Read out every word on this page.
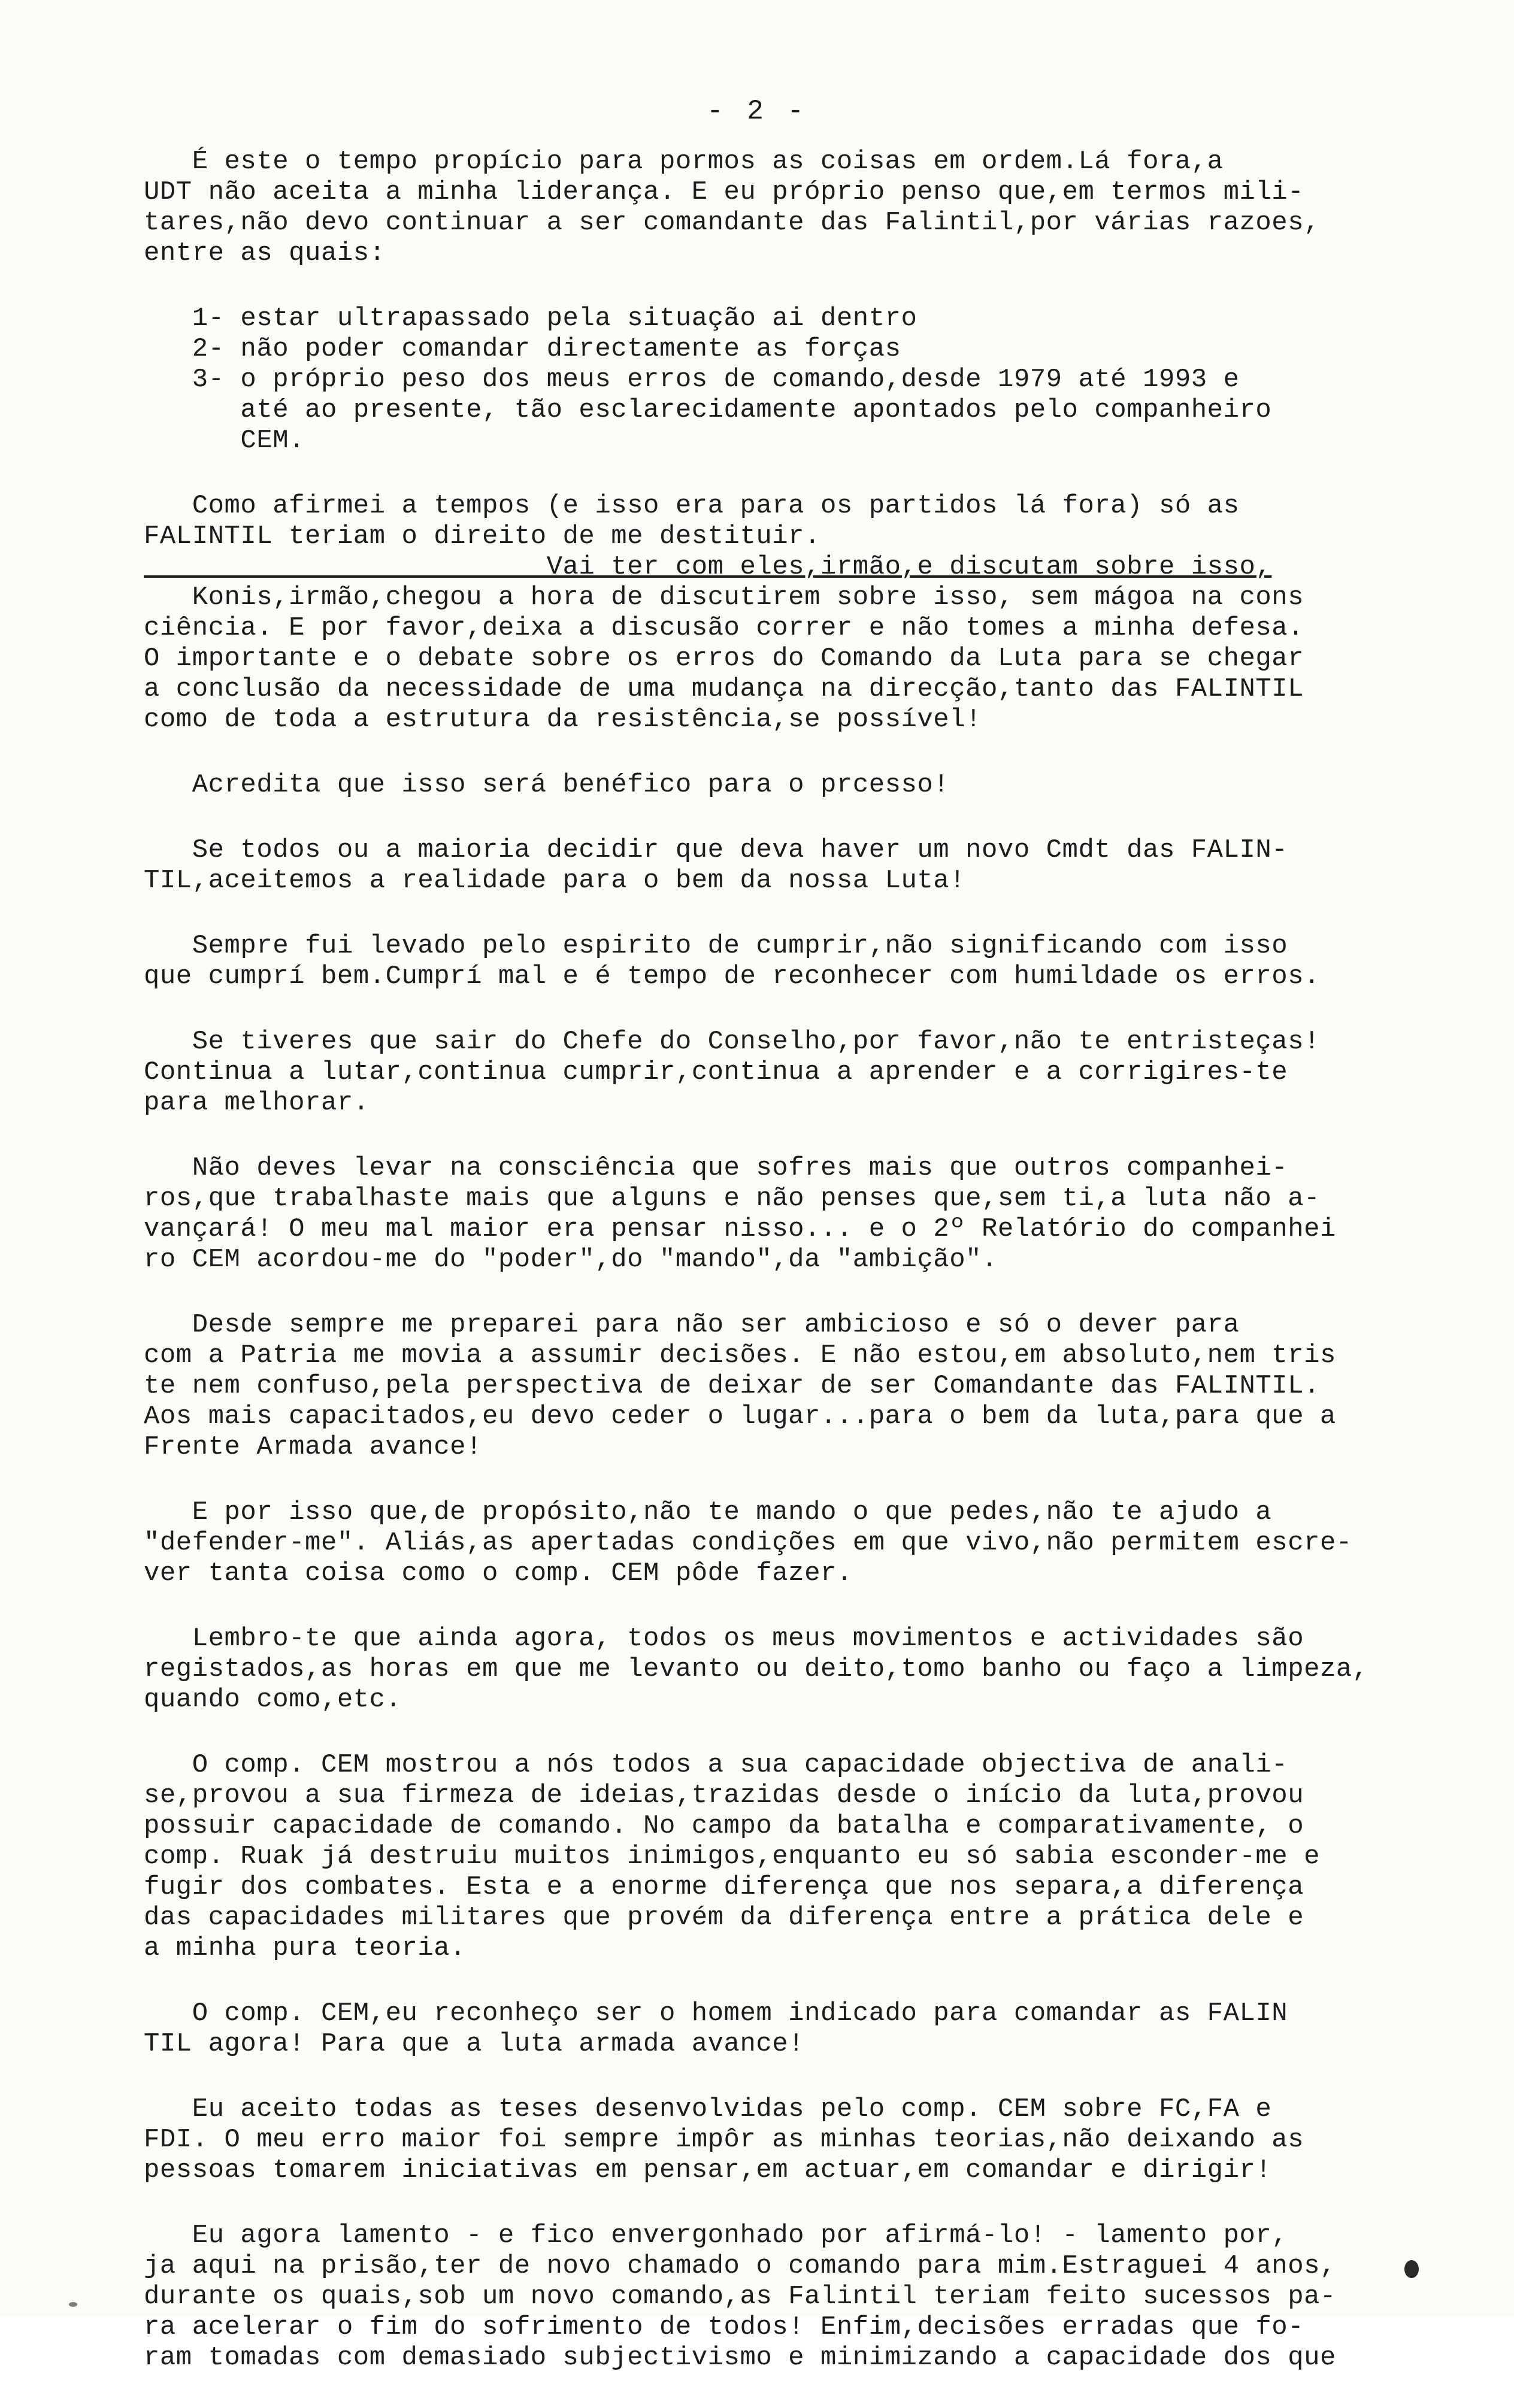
- 2 -
É este o tempo propício para pormos as coisas em ordem.Lá fora,a
UDT não aceita a minha liderança. E eu próprio penso que,em termos mili-
tares,não devo continuar a ser comandante das Falintil,por várias razoes,
entre as quais:
1- estar ultrapassado pela situação ai dentro
2- não poder comandar directamente as forças
3- o próprio peso dos meus erros de comando,desde 1979 até 1993 e
até ao presente, tão esclarecidamente apontados pelo companheiro
CEM.
Como afirmei a tempos (e isso era para os partidos lá fora) só as
FALINTIL teriam o direito de me destituir.
Vai ter com eles,irmão,e discutam sobre isso,
Konis,irmão,chegou a hora de discutirem sobre isso, sem mágoa na cons
ciência. E por favor,deixa a discusão correr e não tomes a minha defesa.
O importante e o debate sobre os erros do Comando da Luta para se chegar
a conclusão da necessidade de uma mudança na direcção,tanto das FALINTIL
como de toda a estrutura da resistência,se possível!
Acredita que isso será benéfico para o prcesso!
Se todos ou a maioria decidir que deva haver um novo Cmdt das FALIN-
TIL,aceitemos a realidade para o bem da nossa Luta!
Sempre fui levado pelo espirito de cumprir,não significando com isso
que cumprí bem.Cumprí mal e é tempo de reconhecer com humildade os erros.
Se tiveres que sair do Chefe do Conselho,por favor,não te entristeças!
Continua a lutar,continua cumprir,continua a aprender e a corrigires-te
para melhorar.
Não deves levar na consciência que sofres mais que outros companhei-
ros,que trabalhaste mais que alguns e não penses que,sem ti,a luta não a-
vançará! O meu mal maior era pensar nisso... e o 2º Relatório do companhei
ro CEM acordou-me do "poder",do "mando",da "ambição".
Desde sempre me preparei para não ser ambicioso e só o dever para
com a Patria me movia a assumir decisões. E não estou,em absoluto,nem tris
te nem confuso,pela perspectiva de deixar de ser Comandante das FALINTIL.
Aos mais capacitados,eu devo ceder o lugar...para o bem da luta,para que a
Frente Armada avance!
E por isso que,de propósito,não te mando o que pedes,não te ajudo a
"defender-me". Aliás,as apertadas condições em que vivo,não permitem escre-
ver tanta coisa como o comp. CEM pôde fazer.
Lembro-te que ainda agora, todos os meus movimentos e actividades são
registados,as horas em que me levanto ou deito,tomo banho ou faço a limpeza,
quando como,etc.
O comp. CEM mostrou a nós todos a sua capacidade objectiva de anali-
se,provou a sua firmeza de ideias,trazidas desde o início da luta,provou
possuir capacidade de comando. No campo da batalha e comparativamente, o
comp. Ruak já destruiu muitos inimigos,enquanto eu só sabia esconder-me e
fugir dos combates. Esta e a enorme diferença que nos separa,a diferença
das capacidades militares que provém da diferença entre a prática dele e
a minha pura teoria.
O comp. CEM,eu reconheço ser o homem indicado para comandar as FALIN
TIL agora! Para que a luta armada avance!
Eu aceito todas as teses desenvolvidas pelo comp. CEM sobre FC,FA e
FDI. O meu erro maior foi sempre impôr as minhas teorias,não deixando as
pessoas tomarem iniciativas em pensar,em actuar,em comandar e dirigir!
Eu agora lamento - e fico envergonhado por afirmá-lo! - lamento por,
ja aqui na prisão,ter de novo chamado o comando para mim.Estraguei 4 anos,
durante os quais,sob um novo comando,as Falintil teriam feito sucessos pa-
ra acelerar o fim do sofrimento de todos! Enfim,decisões erradas que fo-
ram tomadas com demasiado subjectivismo e minimizando a capacidade dos que
